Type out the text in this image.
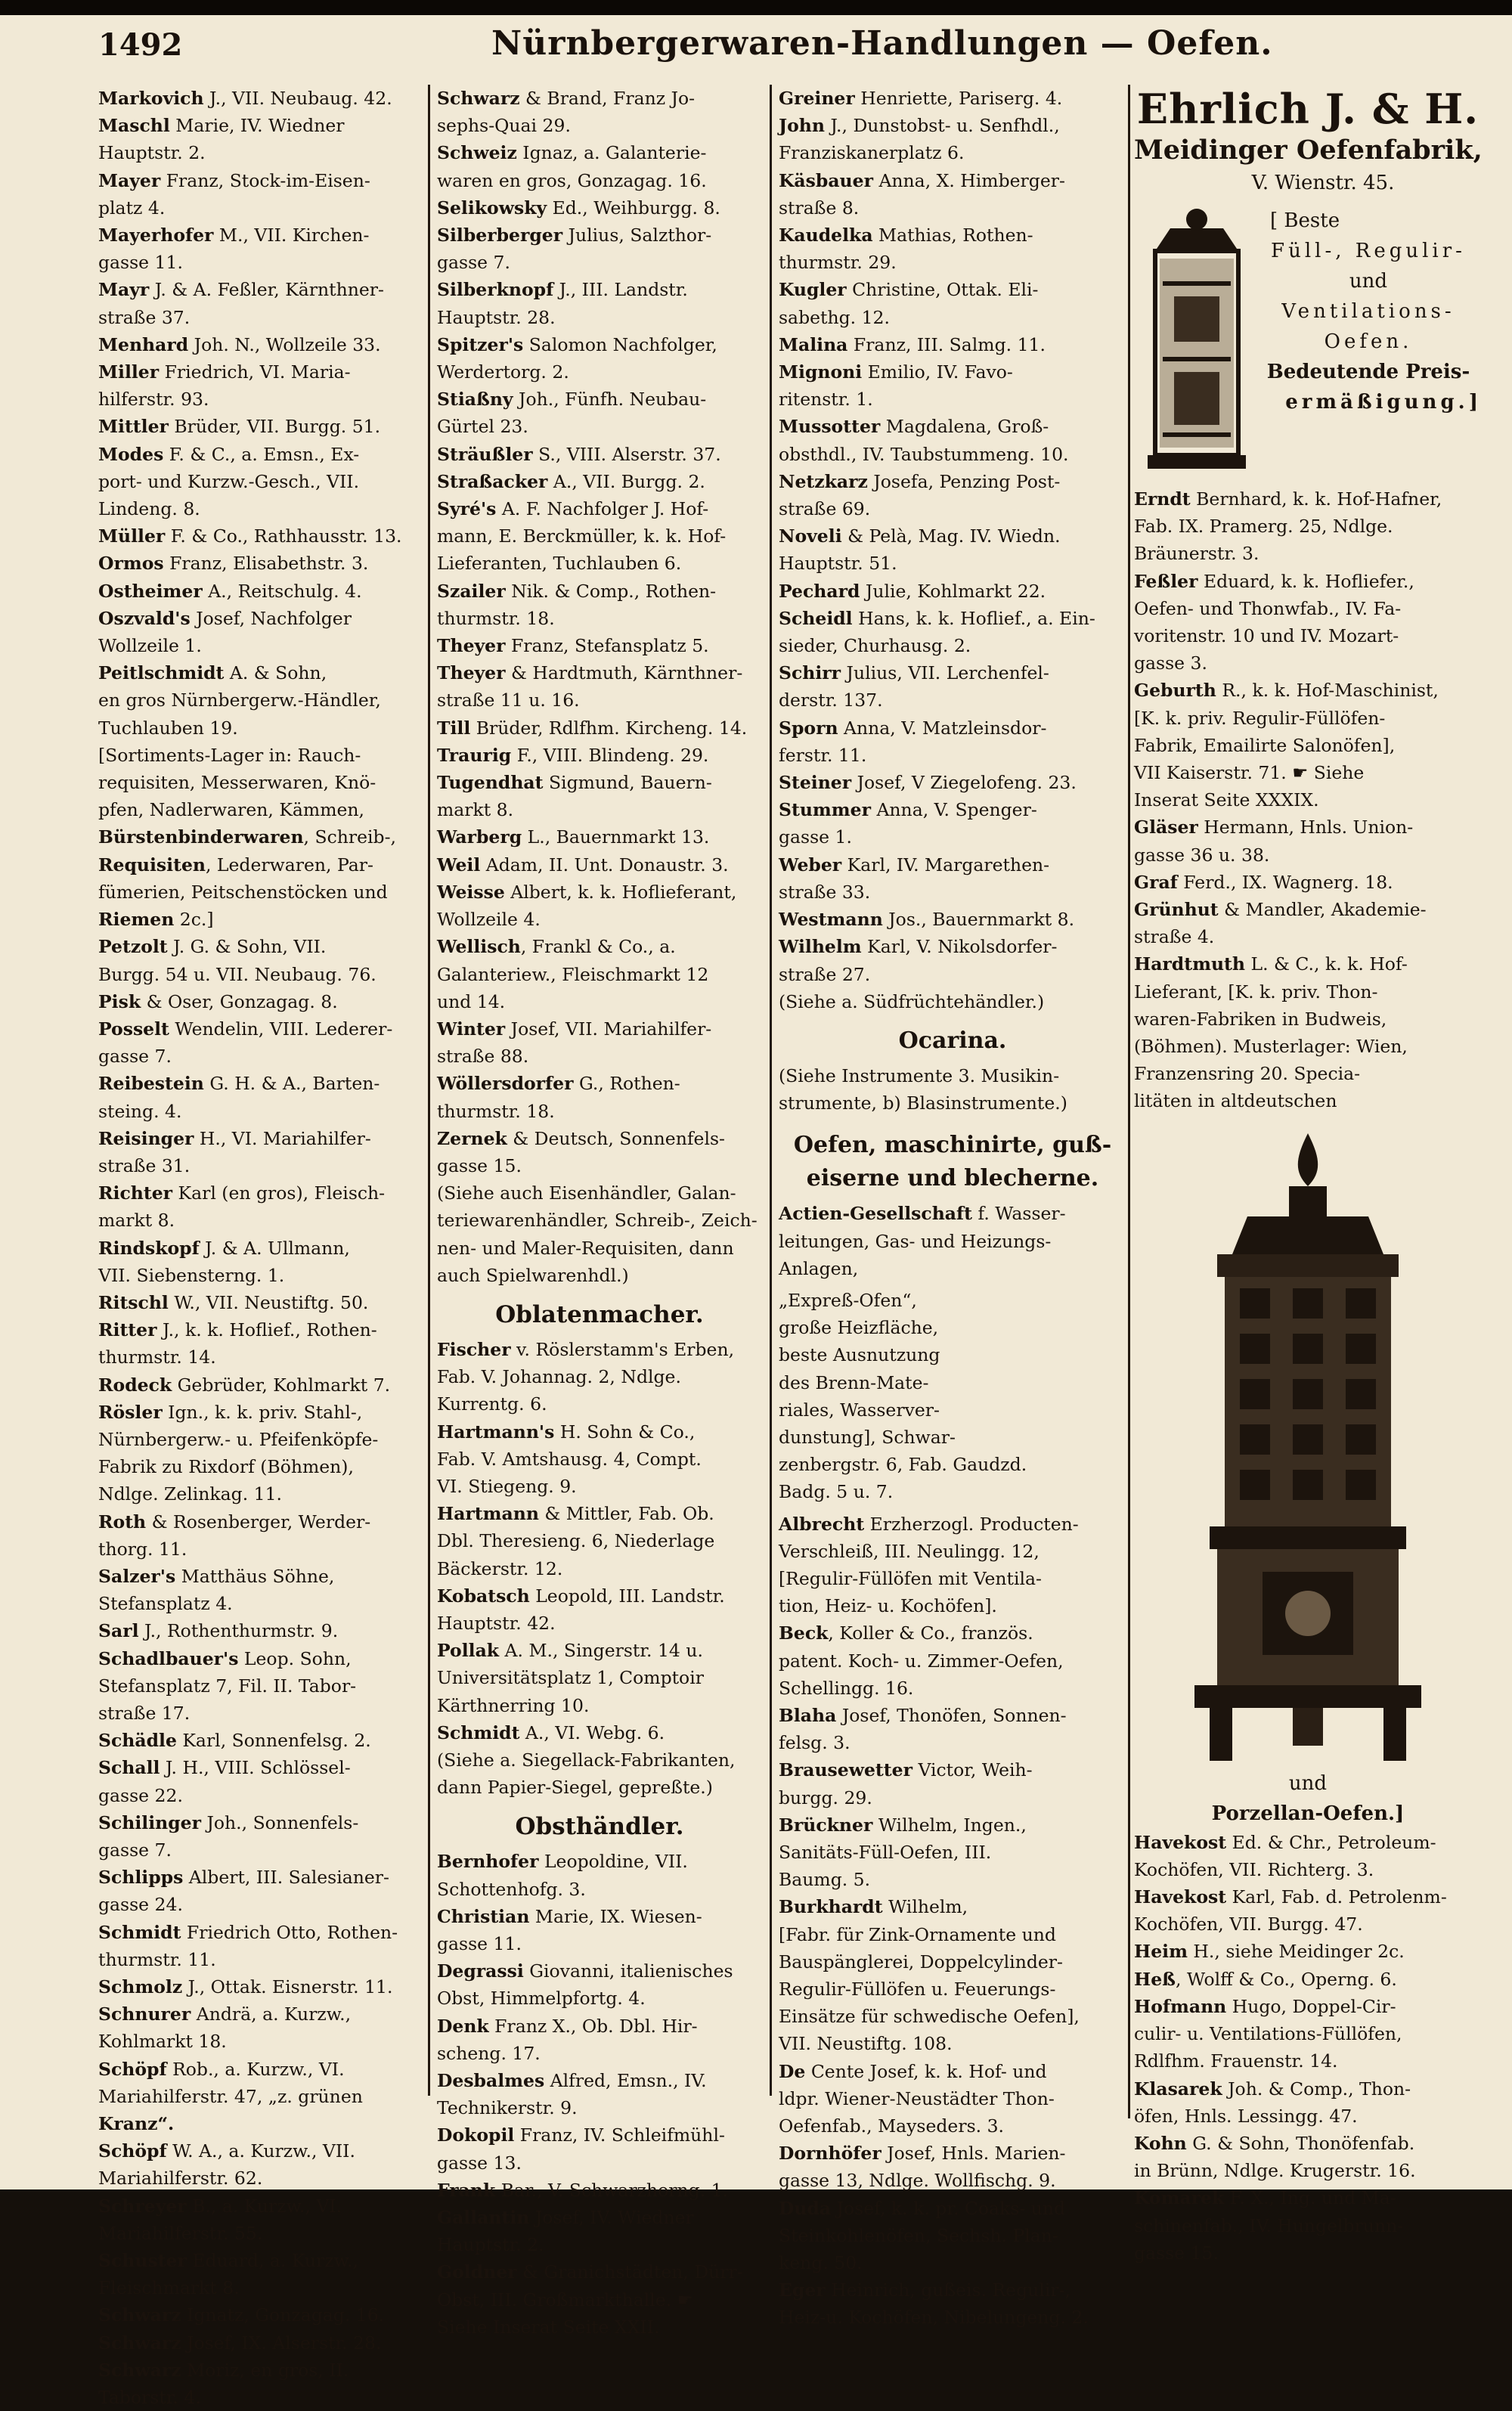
1492	Nürnbergerwaren-Handlungen — Oefen.
Markovich J., VII. Neubaug. 42.
Maschl Marie, IV. Wiedner
Hauptstr. 2.
Mayer Franz, Stock-im-Eisen-
platz 4.
Mayerhofer M., VII. Kirchen-
gasse 11.
Mayr J. & A. Feßler, Kärnthner-
straße 37.
Menhard Joh. N., Wollzeile 33.
Miller Friedrich, VI. Maria-
hilferstr. 93.
Mittler Brüder, VII. Burgg. 51.
Modes F. & C., a. Emsn., Ex-
port- und Kurzw.-Gesch., VII.
Lindeng. 8.
Müller F. & Co., Rathhausstr. 13.
Ormos Franz, Elisabethstr. 3.
Ostheimer A., Reitschulg. 4.
Oszvald's Josef, Nachfolger
Wollzeile 1.
Peitlschmidt A. & Sohn,
en gros Nürnbergerw.-Händler,
Tuchlauben 19.
[Sortiments-Lager in: Rauch-
requisiten, Messerwaren, Knö-
pfen, Nadlerwaren, Kämmen,
Bürstenbinderwaren, Schreib-,
Requisiten, Lederwaren, Par-
fümerien, Peitschenstöcken und
Riemen 2c.]
Petzolt J. G. & Sohn, VII.
Burgg. 54 u. VII. Neubaug. 76.
Pisk & Oser, Gonzagag. 8.
Posselt Wendelin, VIII. Lederer-
gasse 7.
Reibestein G. H. & A., Barten-
steing. 4.
Reisinger H., VI. Mariahilfer-
straße 31.
Richter Karl (en gros), Fleisch-
markt 8.
Rindskopf J. & A. Ullmann,
VII. Siebensterng. 1.
Ritschl W., VII. Neustiftg. 50.
Ritter J., k. k. Hoflief., Rothen-
thurmstr. 14.
Rodeck Gebrüder, Kohlmarkt 7.
Rösler Ign., k. k. priv. Stahl-,
Nürnbergerw.- u. Pfeifenköpfe-
Fabrik zu Rixdorf (Böhmen),
Ndlge. Zelinkag. 11.
Roth & Rosenberger, Werder-
thorg. 11.
Salzer's Matthäus Söhne,
Stefansplatz 4.
Sarl J., Rothenthurmstr. 9.
Schadlbauer's Leop. Sohn,
Stefansplatz 7, Fil. II. Tabor-
straße 17.
Schädle Karl, Sonnenfelsg. 2.
Schall J. H., VIII. Schlössel-
gasse 22.
Schilinger Joh., Sonnenfels-
gasse 7.
Schlipps Albert, III. Salesianer-
gasse 24.
Schmidt Friedrich Otto, Rothen-
thurmstr. 11.
Schmolz J., Ottak. Eisnerstr. 11.
Schnurer Andrä, a. Kurzw.,
Kohlmarkt 18.
Schöpf Rob., a. Kurzw., VI.
Mariahilferstr. 47, „z. grünen
Kranz“.
Schöpf W. A., a. Kurzw., VII.
Mariahilferstr. 62.
Schreyer B., a. Kurzw., VI.
Mariahilferstr. 55.
Schuster Eduard, a. Kurzw.,
Fleischmarkt 8.
Schwarz Ignatz, Gonzagag. 16.
Schwarz Josef, IX. Alserstr. 28.
Schwarz Moriz, en gros, II.
Taborstr. 4.
Schwarz & Brand, Franz Jo-
sephs-Quai 29.
Schweiz Ignaz, a. Galanterie-
waren en gros, Gonzagag. 16.
Selikowsky Ed., Weihburgg. 8.
Silberberger Julius, Salzthor-
gasse 7.
Silberknopf J., III. Landstr.
Hauptstr. 28.
Spitzer's Salomon Nachfolger,
Werdertorg. 2.
Stiaßny Joh., Fünfh. Neubau-
Gürtel 23.
Sträußler S., VIII. Alserstr. 37.
Straßacker A., VII. Burgg. 2.
Syré's A. F. Nachfolger J. Hof-
mann, E. Berckmüller, k. k. Hof-
Lieferanten, Tuchlauben 6.
Szailer Nik. & Comp., Rothen-
thurmstr. 18.
Theyer Franz, Stefansplatz 5.
Theyer & Hardtmuth, Kärnthner-
straße 11 u. 16.
Till Brüder, Rdlfhm. Kircheng. 14.
Traurig F., VIII. Blindeng. 29.
Tugendhat Sigmund, Bauern-
markt 8.
Warberg L., Bauernmarkt 13.
Weil Adam, II. Unt. Donaustr. 3.
Weisse Albert, k. k. Hoflieferant,
Wollzeile 4.
Wellisch, Frankl & Co., a.
Galanteriew., Fleischmarkt 12
und 14.
Winter Josef, VII. Mariahilfer-
straße 88.
Wöllersdorfer G., Rothen-
thurmstr. 18.
Zernek & Deutsch, Sonnenfels-
gasse 15.
(Siehe auch Eisenhändler, Galan-
teriewarenhändler, Schreib-, Zeich-
nen- und Maler-Requisiten, dann
auch Spielwarenhdl.)
Oblatenmacher.
Fischer v. Röslerstamm's Erben,
Fab. V. Johannag. 2, Ndlge.
Kurrentg. 6.
Hartmann's H. Sohn & Co.,
Fab. V. Amtshausg. 4, Compt.
VI. Stiegeng. 9.
Hartmann & Mittler, Fab. Ob.
Dbl. Theresieng. 6, Niederlage
Bäckerstr. 12.
Kobatsch Leopold, III. Landstr.
Hauptstr. 42.
Pollak A. M., Singerstr. 14 u.
Universitätsplatz 1, Comptoir
Kärthnerring 10.
Schmidt A., VI. Webg. 6.
(Siehe a. Siegellack-Fabrikanten,
dann Papier-Siegel, gepreßte.)
Obsthändler.
Bernhofer Leopoldine, VII.
Schottenhofg. 3.
Christian Marie, IX. Wiesen-
gasse 11.
Degrassi Giovanni, italienisches
Obst, Himmelpfortg. 4.
Denk Franz X., Ob. Dbl. Hir-
scheng. 17.
Desbalmes Alfred, Emsn., IV.
Technikerstr. 9.
Dokopil Franz, IV. Schleifmühl-
gasse 13.
Frank Bar., V. Schwarzhorng. 1.
Gallantin Josef, IV. Wiedner
Hauptstr. 2.
Goldner & Granichstädten, Dürr-
Obst, III. Großmarkthalle. ☛
Siehe Inserat Seite XXII.
Greiner Henriette, Pariserg. 4.
John J., Dunstobst- u. Senfhdl.,
Franziskanerplatz 6.
Käsbauer Anna, X. Himberger-
straße 8.
Kaudelka Mathias, Rothen-
thurmstr. 29.
Kugler Christine, Ottak. Eli-
sabethg. 12.
Malina Franz, III. Salmg. 11.
Mignoni Emilio, IV. Favo-
ritenstr. 1.
Mussotter Magdalena, Groß-
obsthdl., IV. Taubstummeng. 10.
Netzkarz Josefa, Penzing Post-
straße 69.
Noveli & Pelà, Mag. IV. Wiedn.
Hauptstr. 51.
Pechard Julie, Kohlmarkt 22.
Scheidl Hans, k. k. Hoflief., a. Ein-
sieder, Churhausg. 2.
Schirr Julius, VII. Lerchenfel-
derstr. 137.
Sporn Anna, V. Matzleinsdor-
ferstr. 11.
Steiner Josef, V Ziegelofeng. 23.
Stummer Anna, V. Spenger-
gasse 1.
Weber Karl, IV. Margarethen-
straße 33.
Westmann Jos., Bauernmarkt 8.
Wilhelm Karl, V. Nikolsdorfer-
straße 27.
(Siehe a. Südfrüchtehändler.)
Ocarina.
(Siehe Instrumente 3. Musikin-
strumente, b) Blasinstrumente.)
Oefen, maschinirte, guß-
eiserne und blecherne.
Actien-Gesellschaft f. Wasser-
leitungen, Gas- und Heizungs-
Anlagen,
„Expreß-Ofen“,
große Heizfläche,
beste Ausnutzung
des Brenn-Mate-
riales, Wasserver-
dunstung], Schwar-
zenbergstr. 6, Fab. Gaudzd.
Badg. 5 u. 7.
Albrecht Erzherzogl. Producten-
Verschleiß, III. Neulingg. 12,
[Regulir-Füllöfen mit Ventila-
tion, Heiz- u. Kochöfen].
Beck, Koller & Co., französ.
patent. Koch- u. Zimmer-Oefen,
Schellingg. 16.
Blaha Josef, Thonöfen, Sonnen-
felsg. 3.
Brausewetter Victor, Weih-
burgg. 29.
Brückner Wilhelm, Ingen.,
Sanitäts-Füll-Oefen, III.
Baumg. 5.
Burkhardt Wilhelm,
[Fabr. für Zink-Ornamente und
Bauspänglerei, Doppelcylinder-
Regulir-Füllöfen u. Feuerungs-
Einsätze für schwedische Oefen],
VII. Neustiftg. 108.
De Cente Josef, k. k. Hof- und
ldpr. Wiener-Neustädter Thon-
Oefenfab., Mayseders. 3.
Dornhöfer Josef, Hnls. Marien-
gasse 13, Ndlge. Wollfischg. 9.
Duda Josef, k. k. pr. Coaks- und
Steinkohlenöfen, Sechsh. Plan-
keng. 50.
Eger Heinrich, gußeis. Regulir-,
Heiz-u. Kochöfen, Nibelungeng. 2.
Ehrlich J. & H.
Meidinger Oefenfabrik,
V. Wienstr. 45.
[ Beste
Füll-, Regulir-
und
Ventilations-
Oefen.
Bedeutende Preis-
ermäßigung.]
Erndt Bernhard, k. k. Hof-Hafner,
Fab. IX. Pramerg. 25, Ndlge.
Bräunerstr. 3.
Feßler Eduard, k. k. Hofliefer.,
Oefen- und Thonwfab., IV. Fa-
voritenstr. 10 und IV. Mozart-
gasse 3.
Geburth R., k. k. Hof-Maschinist,
[K. k. priv. Regulir-Füllöfen-
Fabrik, Emailirte Salonöfen],
VII Kaiserstr. 71. ☛ Siehe
Inserat Seite XXXIX.
Gläser Hermann, Hnls. Union-
gasse 36 u. 38.
Graf Ferd., IX. Wagnerg. 18.
Grünhut & Mandler, Akademie-
straße 4.
Hardtmuth L. & C., k. k. Hof-
Lieferant, [K. k. priv. Thon-
waren-Fabriken in Budweis,
(Böhmen). Musterlager: Wien,
Franzensring 20. Specia-
litäten in altdeutschen
und
Porzellan-Oefen.]
Havekost Ed. & Chr., Petroleum-
Kochöfen, VII. Richterg. 3.
Havekost Karl, Fab. d. Petrolenm-
Kochöfen, VII. Burgg. 47.
Heim H., siehe Meidinger 2c.
Heß, Wolff & Co., Operng. 6.
Hofmann Hugo, Doppel-Cir-
culir- u. Ventilations-Füllöfen,
Rdlfhm. Frauenstr. 14.
Klasarek Joh. & Comp., Thon-
öfen, Hnls. Lessingg. 47.
Kohn G. & Sohn, Thonöfenfab.
in Brünn, Ndlge. Krugerstr. 16.
Komarek F. X., Ing. und Ma-
schinenfab., IV. Hungelbrunn-
gasse 15.
